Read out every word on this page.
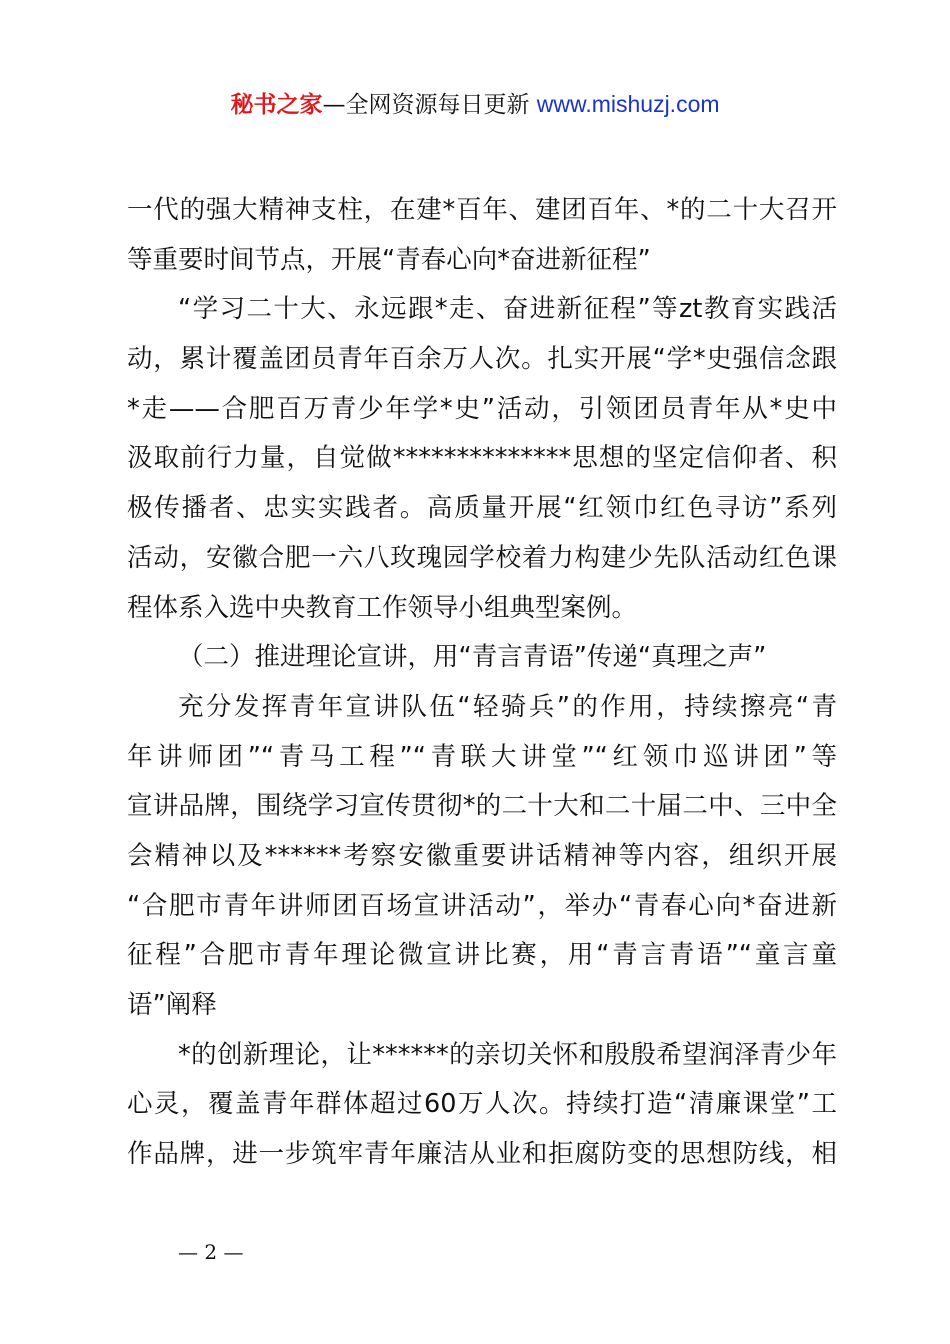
秘书之家—全网资源每日更新 www.mishuzj.com
一代的强大精神支柱，在建*百年、建团百年、*的二十大召开
等重要时间节点，开展“青春心向*奋进新征程”
“学习二十大、永远跟*走、奋进新征程”等zt教育实践活
动，累计覆盖团员青年百余万人次。扎实开展“学*史强信念跟
*走——合肥百万青少年学*史”活动，引领团员青年从*史中
汲取前行力量，自觉做**************思想的坚定信仰者、积
极传播者、忠实实践者。高质量开展“红领巾红色寻访”系列
活动，安徽合肥一六八玫瑰园学校着力构建少先队活动红色课
程体系入选中央教育工作领导小组典型案例。
（二）推进理论宣讲，用“青言青语”传递“真理之声”
充分发挥青年宣讲队伍“轻骑兵”的作用，持续擦亮“青
年讲师团”“青马工程”“青联大讲堂”“红领巾巡讲团”等
宣讲品牌，围绕学习宣传贯彻*的二十大和二十届二中、三中全
会精神以及******考察安徽重要讲话精神等内容，组织开展
“合肥市青年讲师团百场宣讲活动”，举办“青春心向*奋进新
征程”合肥市青年理论微宣讲比赛，用“青言青语”“童言童
语”阐释
*的创新理论，让******的亲切关怀和殷殷希望润泽青少年
心灵，覆盖青年群体超过60万人次。持续打造“清廉课堂”工
作品牌，进一步筑牢青年廉洁从业和拒腐防变的思想防线，相
— 2 —
